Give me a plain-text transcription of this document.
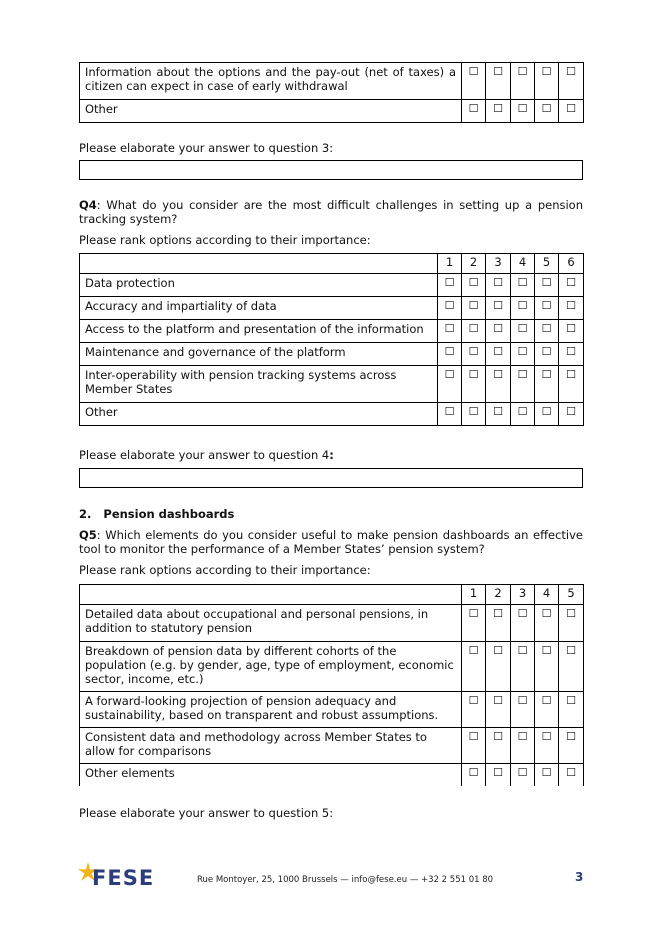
Information about the options and the pay-out (net of taxes) a citizen can expect in case of early withdrawal	☐	☐	☐	☐	☐
Other	☐	☐	☐	☐	☐

Please elaborate your answer to question 3:

Q4: What do you consider are the most difficult challenges in setting up a pension tracking system?

Please rank options according to their importance:

	1	2	3	4	5	6
Data protection	☐	☐	☐	☐	☐	☐
Accuracy and impartiality of data	☐	☐	☐	☐	☐	☐
Access to the platform and presentation of the information	☐	☐	☐	☐	☐	☐
Maintenance and governance of the platform	☐	☐	☐	☐	☐	☐
Inter-operability with pension tracking systems across Member States	☐	☐	☐	☐	☐	☐
Other	☐	☐	☐	☐	☐	☐

Please elaborate your answer to question 4:

2. Pension dashboards

Q5: Which elements do you consider useful to make pension dashboards an effective tool to monitor the performance of a Member States’ pension system?

Please rank options according to their importance:

	1	2	3	4	5
Detailed data about occupational and personal pensions, in addition to statutory pension	☐	☐	☐	☐	☐
Breakdown of pension data by different cohorts of the population (e.g. by gender, age, type of employment, economic sector, income, etc.)	☐	☐	☐	☐	☐
A forward-looking projection of pension adequacy and sustainability, based on transparent and robust assumptions.	☐	☐	☐	☐	☐
Consistent data and methodology across Member States to allow for comparisons	☐	☐	☐	☐	☐
Other elements	☐	☐	☐	☐	☐

Please elaborate your answer to question 5:

FESE	Rue Montoyer, 25, 1000 Brussels — info@fese.eu — +32 2 551 01 80	3
